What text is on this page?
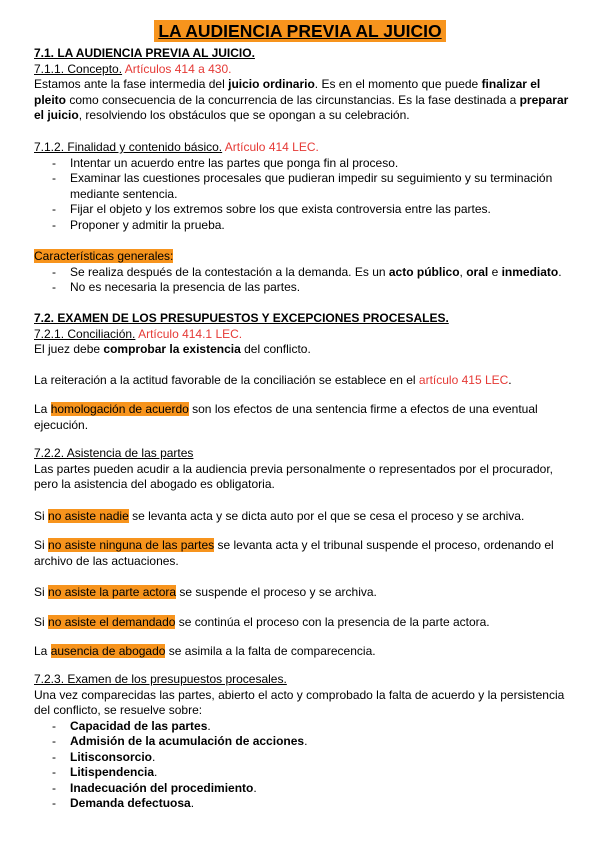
LA AUDIENCIA PREVIA AL JUICIO
7.1. LA AUDIENCIA PREVIA AL JUICIO.
7.1.1. Concepto. Artículos 414 a 430.

Estamos ante la fase intermedia del juicio ordinario. Es en el momento que puede finalizar el pleito como consecuencia de la concurrencia de las circunstancias. Es la fase destinada a preparar el juicio, resolviendo los obstáculos que se opongan a su celebración.

7.1.2. Finalidad y contenido básico. Artículo 414 LEC.
- Intentar un acuerdo entre las partes que ponga fin al proceso.
- Examinar las cuestiones procesales que pudieran impedir su seguimiento y su terminación mediante sentencia.
- Fijar el objeto y los extremos sobre los que exista controversia entre las partes.
- Proponer y admitir la prueba.
Características generales:
- Se realiza después de la contestación a la demanda. Es un acto público, oral e inmediato.
- No es necesaria la presencia de las partes.
7.2. EXAMEN DE LOS PRESUPUESTOS Y EXCEPCIONES PROCESALES.
7.2.1. Conciliación. Artículo 414.1 LEC.

El juez debe comprobar la existencia del conflicto.

La reiteración a la actitud favorable de la conciliación se establece en el artículo 415 LEC.

La homologación de acuerdo son los efectos de una sentencia firme a efectos de una eventual ejecución.

7.2.2. Asistencia de las partes

Las partes pueden acudir a la audiencia previa personalmente o representados por el procurador, pero la asistencia del abogado es obligatoria.

Si no asiste nadie se levanta acta y se dicta auto por el que se cesa el proceso y se archiva.

Si no asiste ninguna de las partes se levanta acta y el tribunal suspende el proceso, ordenando el archivo de las actuaciones.

Si no asiste la parte actora se suspende el proceso y se archiva.

Si no asiste el demandado se continúa el proceso con la presencia de la parte actora.

La ausencia de abogado se asimila a la falta de comparecencia.

7.2.3. Examen de los presupuestos procesales.

Una vez comparecidas las partes, abierto el acto y comprobado la falta de acuerdo y la persistencia del conflicto, se resuelve sobre:

- Capacidad de las partes.
- Admisión de la acumulación de acciones.
- Litisconsorcio.
- Litispendencia.
- Inadecuación del procedimiento.
- Demanda defectuosa.
